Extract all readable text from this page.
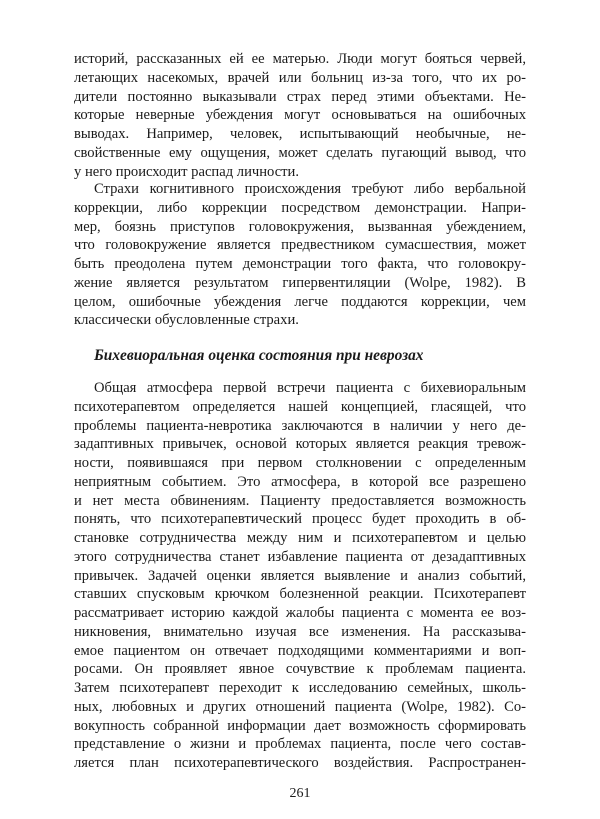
историй, рассказанных ей ее матерью. Люди могут бояться червей,
летающих насекомых, врачей или больниц из-за того, что их ро-
дители постоянно выказывали страх перед этими объектами. Не-
которые неверные убеждения могут основываться на ошибочных
выводах. Например, человек, испытывающий необычные, не-
свойственные ему ощущения, может сделать пугающий вывод, что
у него происходит распад личности.
Страхи когнитивного происхождения требуют либо вербальной
коррекции, либо коррекции посредством демонстрации. Напри-
мер, боязнь приступов головокружения, вызванная убеждением,
что головокружение является предвестником сумасшествия, может
быть преодолена путем демонстрации того факта, что головокру-
жение является результатом гипервентиляции (Wolpe, 1982). В
целом, ошибочные убеждения легче поддаются коррекции, чем
классически обусловленные страхи.
Бихевиоральная оценка состояния при неврозах
Общая атмосфера первой встречи пациента с бихевиоральным
психотерапевтом определяется нашей концепцией, гласящей, что
проблемы пациента-невротика заключаются в наличии у него де-
задаптивных привычек, основой которых является реакция тревож-
ности, появившаяся при первом столкновении с определенным
неприятным событием. Это атмосфера, в которой все разрешено
и нет места обвинениям. Пациенту предоставляется возможность
понять, что психотерапевтический процесс будет проходить в об-
становке сотрудничества между ним и психотерапевтом и целью
этого сотрудничества станет избавление пациента от дезадаптивных
привычек. Задачей оценки является выявление и анализ событий,
ставших спусковым крючком болезненной реакции. Психотерапевт
рассматривает историю каждой жалобы пациента с момента ее воз-
никновения, внимательно изучая все изменения. На рассказыва-
емое пациентом он отвечает подходящими комментариями и воп-
росами. Он проявляет явное сочувствие к проблемам пациента.
Затем психотерапевт переходит к исследованию семейных, школь-
ных, любовных и других отношений пациента (Wolpe, 1982). Со-
вокупность собранной информации дает возможность сформировать
представление о жизни и проблемах пациента, после чего состав-
ляется план психотерапевтического воздействия. Распространен-
261
